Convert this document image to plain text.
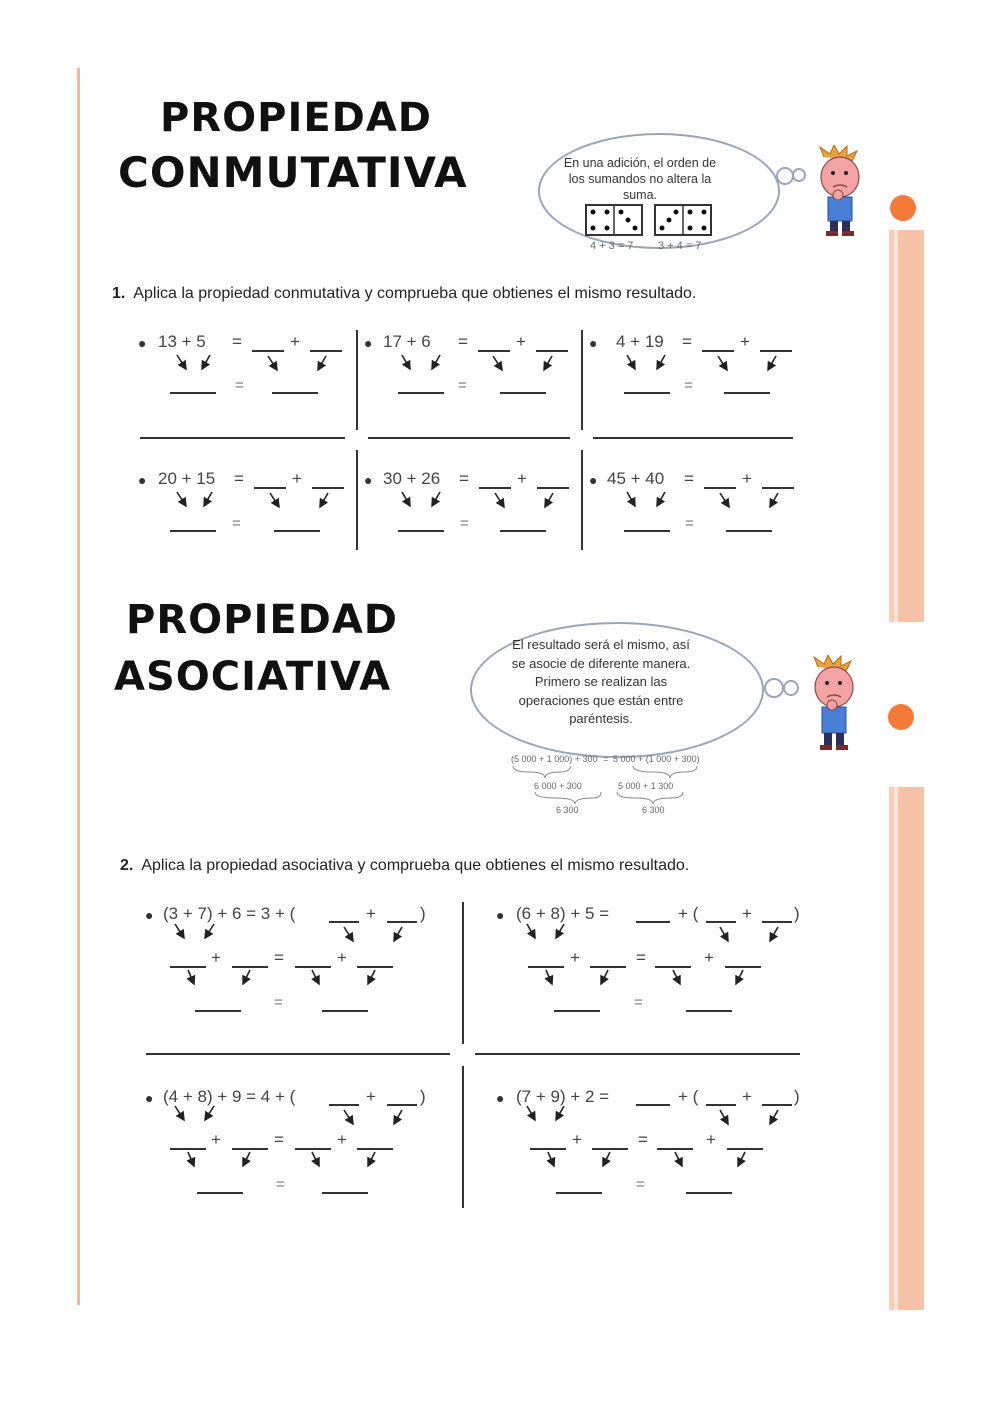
PROPIEDAD
CONMUTATIVA	En una adición, el orden de los sumandos no altera la suma.
4 + 3 = 7 3 + 4 = 7
1. Aplica la propiedad conmutativa y comprueba que obtienes el mismo resultado.
● 13 + 5 =	+
=
● 17 + 6 =	+
=
● 4 + 19 =	+
=
● 20 + 15 =	+
=
● 30 + 26 =	+
=
● 45 + 40 =	+
=
PROPIEDAD
ASOCIATIVA
El resultado será el mismo, así se asocie de diferente manera. Primero se realizan las operaciones que están entre paréntesis.
(5 000 + 1 000) + 300 = 5 000 + (1 000 + 300)
6 000 + 300	5 000 + 1 300
6 300	6 300
2. Aplica la propiedad asociativa y comprueba que obtienes el mismo resultado.
● (3 + 7) + 6 = 3 + (	+	)
+	=	+
=
● (6 + 8) + 5 =	+ (	+ )
+	=	+
=
● (4 + 8) + 9 = 4 + (	+	)
+	=	+
=
● (7 + 9) + 2 =	+ (	+ )
+	=	+
=
